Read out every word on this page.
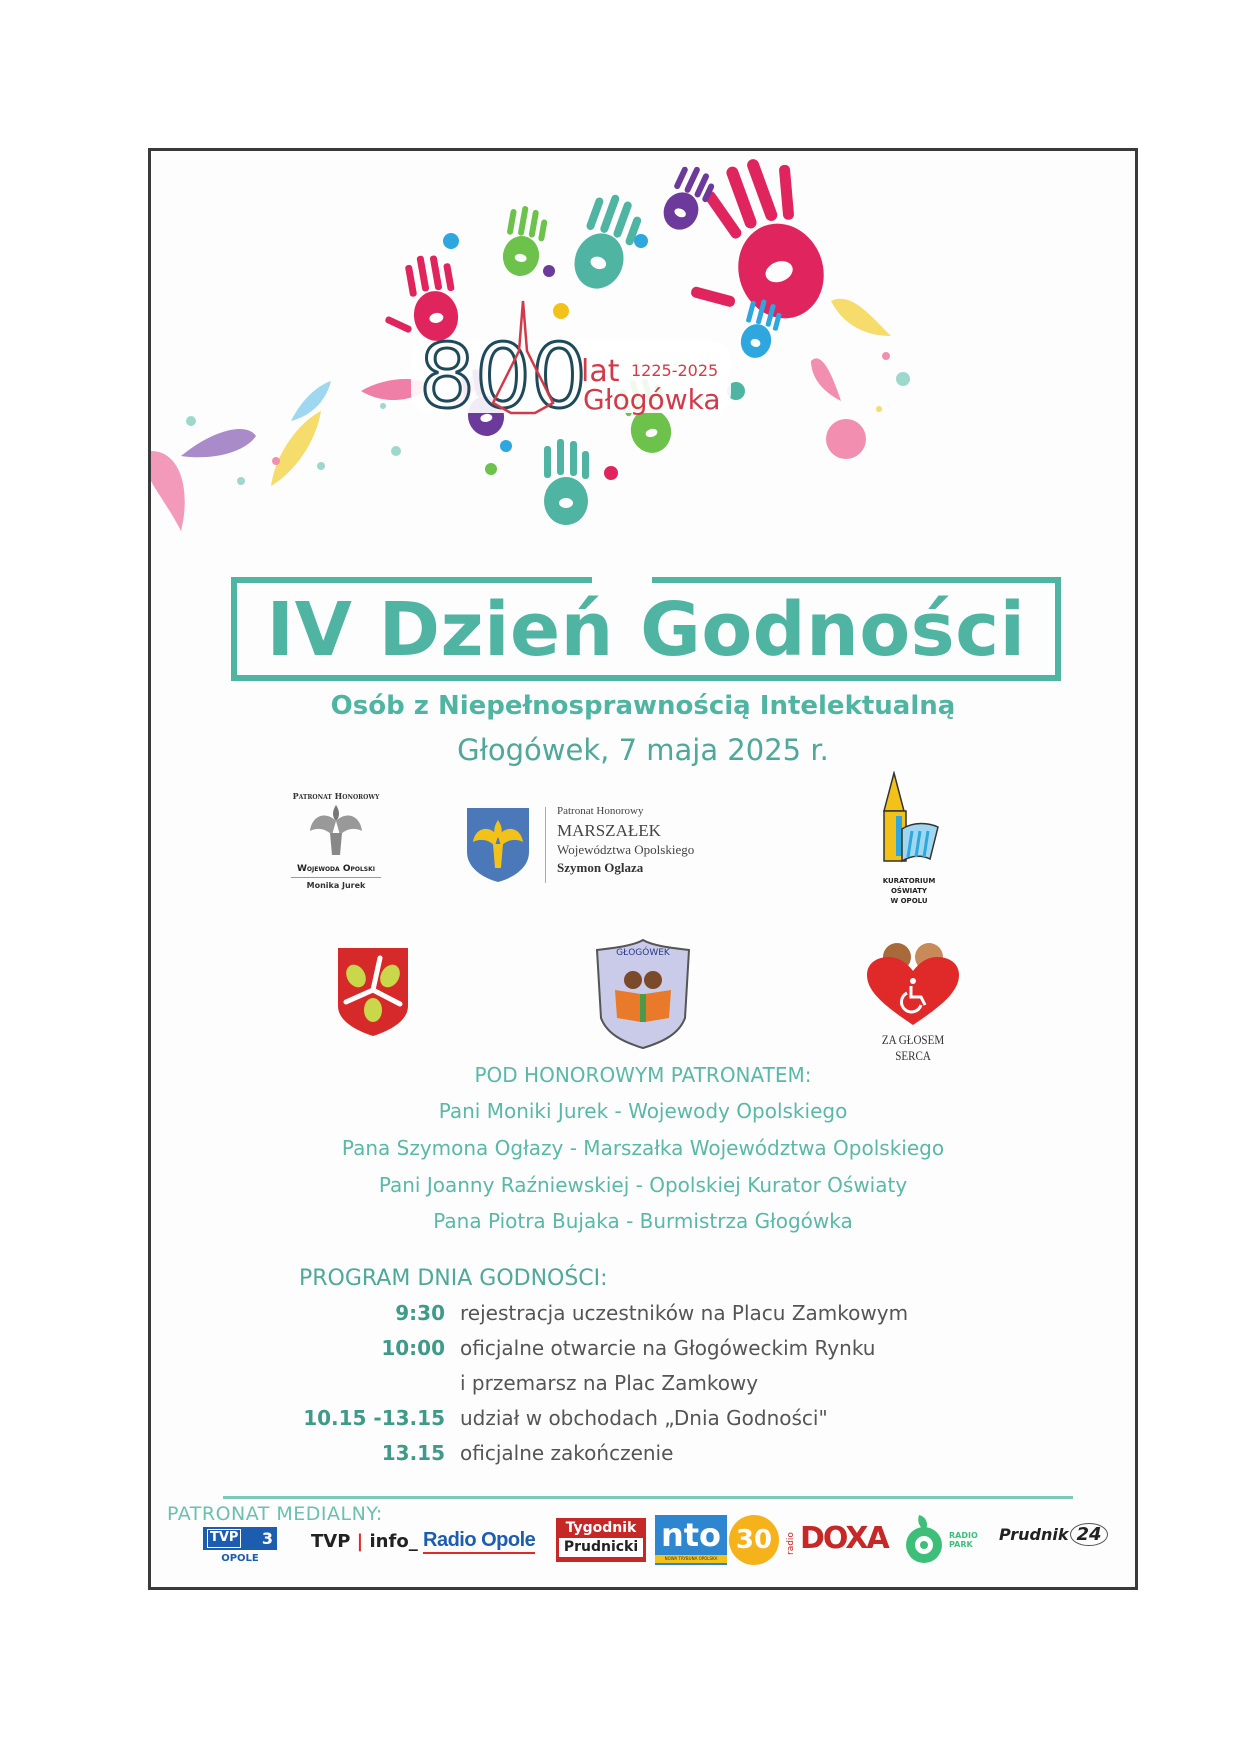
800
lat 1225-2025
Głogówka
IV Dzień Godności
Osób z Niepełnosprawnością Intelektualną
Głogówek, 7 maja 2025 r.
Patronat Honorowy
Wojewoda Opolski
Monika Jurek
Patronat Honorowy
MARSZAŁEK
Województwa Opolskiego
Szymon Oglaza
KURATORIUM
OŚWIATY
W OPOLU
GŁOGÓWEK
ZA GŁOSEM SERCA
POD HONOROWYM PATRONATEM:
Pani Moniki Jurek - Wojewody Opolskiego
Pana Szymona Ogłazy - Marszałka Województwa Opolskiego
Pani Joanny Raźniewskiej - Opolskiej Kurator Oświaty
Pana Piotra Bujaka - Burmistrza Głogówka
PROGRAM DNIA GODNOŚCI:
9:30 rejestracja uczestników na Placu Zamkowym
10:00 oficjalne otwarcie na Głogóweckim Rynku
i przemarsz na Plac Zamkowy
10.15 -13.15 udział w obchodach „Dnia Godności"
13.15 oficjalne zakończenie
PATRONAT MEDIALNY:
TVP 3
OPOLE
TVP | info_ Radio Opole
Tygodnik
Prudnicki nto
NOWA TRYBUNA OPOLSKA
30	radio DOXA	RADIO
PARK
Prudnik 24
